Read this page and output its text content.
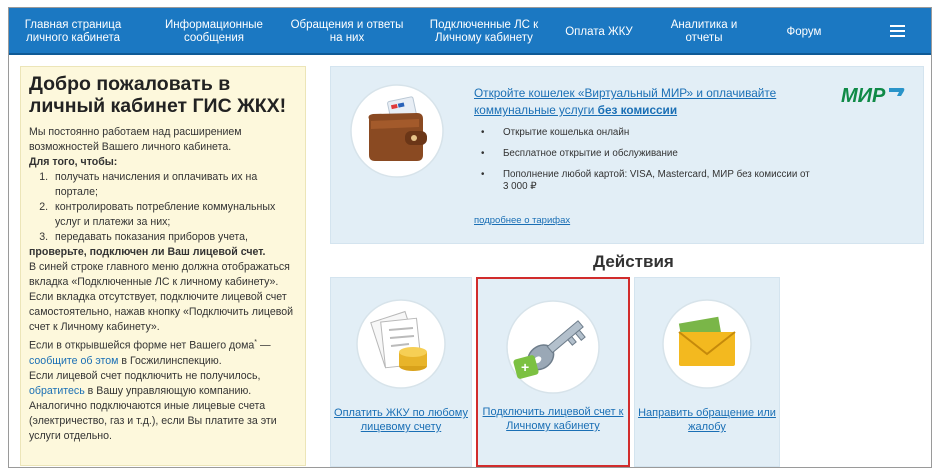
Главная страница
личного кабинета
Информационные
сообщения
Обращения и ответы
на них
Подключенные ЛС к
Личному кабинету	Оплата ЖКУ
Аналитика и
отчеты	Форум
Добро пожаловать в личный кабинет ГИС ЖКХ!
Мы постоянно работаем над расширением возможностей Вашего личного кабинета.
Для того, чтобы:
1. получать начисления и оплачивать их на портале;
2. контролировать потребление коммунальных услуг и платежи за них;
3. передавать показания приборов учета,
проверьте, подключен ли Ваш лицевой счет.
В синей строке главного меню должна отображаться вкладка «Подключенные ЛС к личному кабинету». Если вкладка отсутствует, подключите лицевой счет самостоятельно, нажав кнопку «Подключить лицевой счет к Личному кабинету».
Если в открывшейся форме нет Вашего дома* — сообщите об этом в Госжилинспекцию.
Если лицевой счет подключить не получилось, обратитесь в Вашу управляющую компанию.
Аналогично подключаются иные лицевые счета (электричество, газ и т.д.), если Вы платите за эти услуги отдельно.
Откройте кошелек «Виртуальный МИР» и оплачивайте коммунальные услуги без комиссии
• Открытие кошелька онлайн
• Бесплатное открытие и обслуживание
• Пополнение любой картой: VISA, Mastercard, МИР без комиссии от 3 000 ₽
подробнее о тарифах
МИР
Действия
Оплатить ЖКУ по любому лицевому счету
+
Подключить лицевой счет к Личному кабинету
Направить обращение или жалобу
